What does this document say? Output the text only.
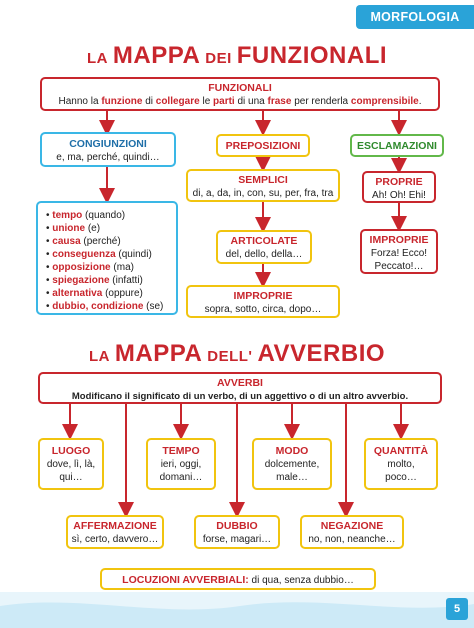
MORFOLOGIA
LA MAPPA DEI FUNZIONALI
FUNZIONALI
Hanno la funzione di collegare le parti di una frase per renderla comprensibile.
CONGIUNZIONI
e, ma, perché, quindi…
• tempo (quando)
• unione (e)
• causa (perché)
• conseguenza (quindi)
• opposizione (ma)
• spiegazione (infatti)
• alternativa (oppure)
• dubbio, condizione (se)
PREPOSIZIONI
SEMPLICI
di, a, da, in, con, su, per, fra, tra
ARTICOLATE
del, dello, della…
IMPROPRIE
sopra, sotto, circa, dopo…
ESCLAMAZIONI
PROPRIE
Ah! Oh! Ehi!
IMPROPRIE
Forza! Ecco!
Peccato!…
LA MAPPA DELL' AVVERBIO
AVVERBI
Modificano il significato di un verbo, di un aggettivo o di un altro avverbio.
LUOGO
dove, lì, là,
qui…
TEMPO
ieri, oggi,
domani…
MODO
dolcemente,
male…
QUANTITÀ
molto,
poco…
AFFERMAZIONE
sì, certo, davvero…
DUBBIO
forse, magari…
NEGAZIONE
no, non, neanche…
LOCUZIONI AVVERBIALI: di qua, senza dubbio…
5
